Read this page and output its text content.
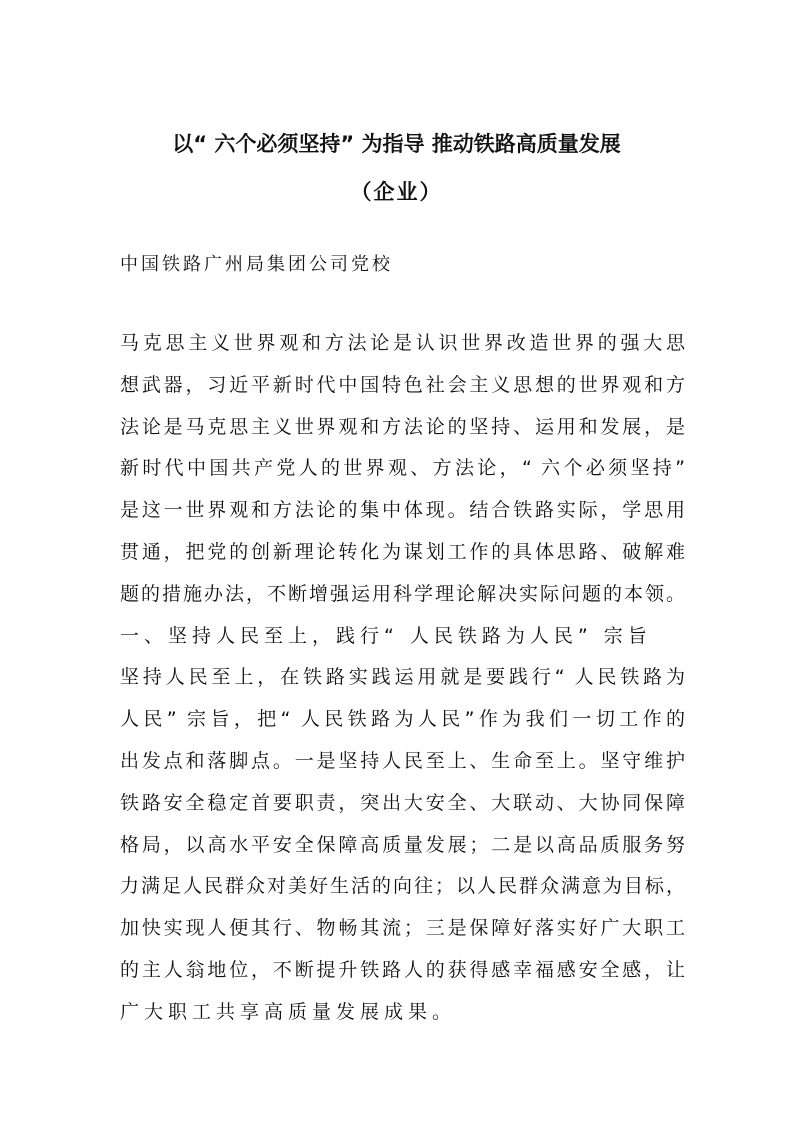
以“ 六个必须坚持” 为指导 推动铁路高质量发展
（企业）
中国铁路广州局集团公司党校
马克思主义世界观和方法论是认识世界改造世界的强大思
想武器，习近平新时代中国特色社会主义思想的世界观和方
法论是马克思主义世界观和方法论的坚持、运用和发展，是
新时代中国共产党人的世界观、方法论，“ 六个必须坚持”
是这一世界观和方法论的集中体现。结合铁路实际，学思用
贯通，把党的创新理论转化为谋划工作的具体思路、破解难
题的措施办法，不断增强运用科学理论解决实际问题的本领。
一、坚持人民至上，践行“ 人民铁路为人民” 宗旨
坚持人民至上，在铁路实践运用就是要践行“ 人民铁路为
人民” 宗旨，把“ 人民铁路为人民”作为我们一切工作的
出发点和落脚点。一是坚持人民至上、生命至上。坚守维护
铁路安全稳定首要职责，突出大安全、大联动、大协同保障
格局，以高水平安全保障高质量发展；二是以高品质服务努
力满足人民群众对美好生活的向往；以人民群众满意为目标，
加快实现人便其行、物畅其流；三是保障好落实好广大职工
的主人翁地位，不断提升铁路人的获得感幸福感安全感，让
广大职工共享高质量发展成果。
